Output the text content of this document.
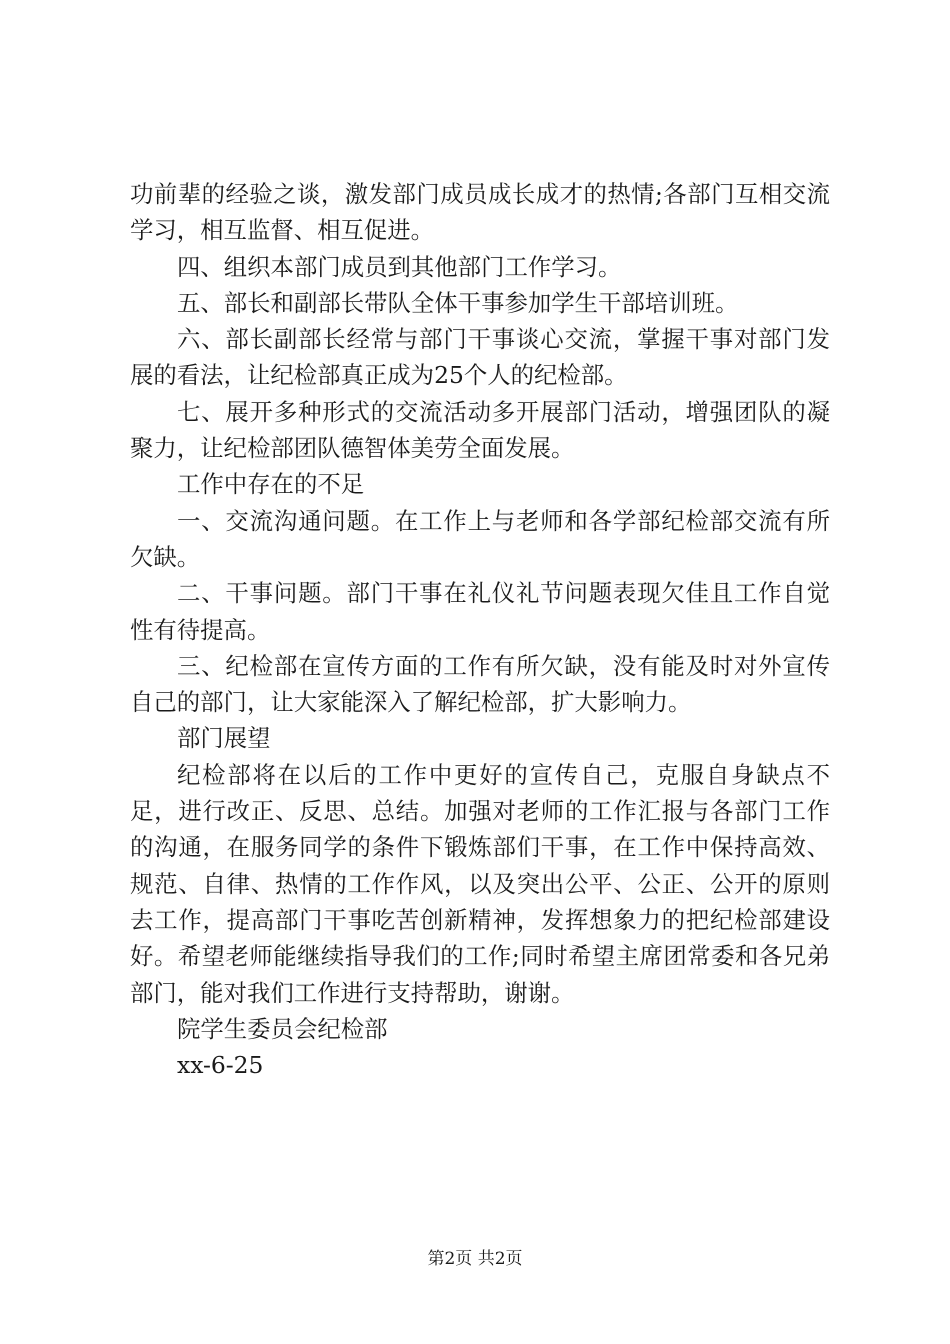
功前辈的经验之谈，激发部门成员成长成才的热情;各部门互相交流学习，相互监督、相互促进。

四、组织本部门成员到其他部门工作学习。

五、部长和副部长带队全体干事参加学生干部培训班。

六、部长副部长经常与部门干事谈心交流，掌握干事对部门发展的看法，让纪检部真正成为25个人的纪检部。

七、展开多种形式的交流活动多开展部门活动，增强团队的凝聚力，让纪检部团队德智体美劳全面发展。

工作中存在的不足

一、交流沟通问题。在工作上与老师和各学部纪检部交流有所欠缺。

二、干事问题。部门干事在礼仪礼节问题表现欠佳且工作自觉性有待提高。

三、纪检部在宣传方面的工作有所欠缺，没有能及时对外宣传自己的部门，让大家能深入了解纪检部，扩大影响力。

部门展望

纪检部将在以后的工作中更好的宣传自己，克服自身缺点不足，进行改正、反思、总结。加强对老师的工作汇报与各部门工作的沟通，在服务同学的条件下锻炼部们干事，在工作中保持高效、规范、自律、热情的工作作风，以及突出公平、公正、公开的原则去工作，提高部门干事吃苦创新精神，发挥想象力的把纪检部建设好。希望老师能继续指导我们的工作;同时希望主席团常委和各兄弟部门，能对我们工作进行支持帮助，谢谢。

院学生委员会纪检部

xx-6-25

第2页 共2页
